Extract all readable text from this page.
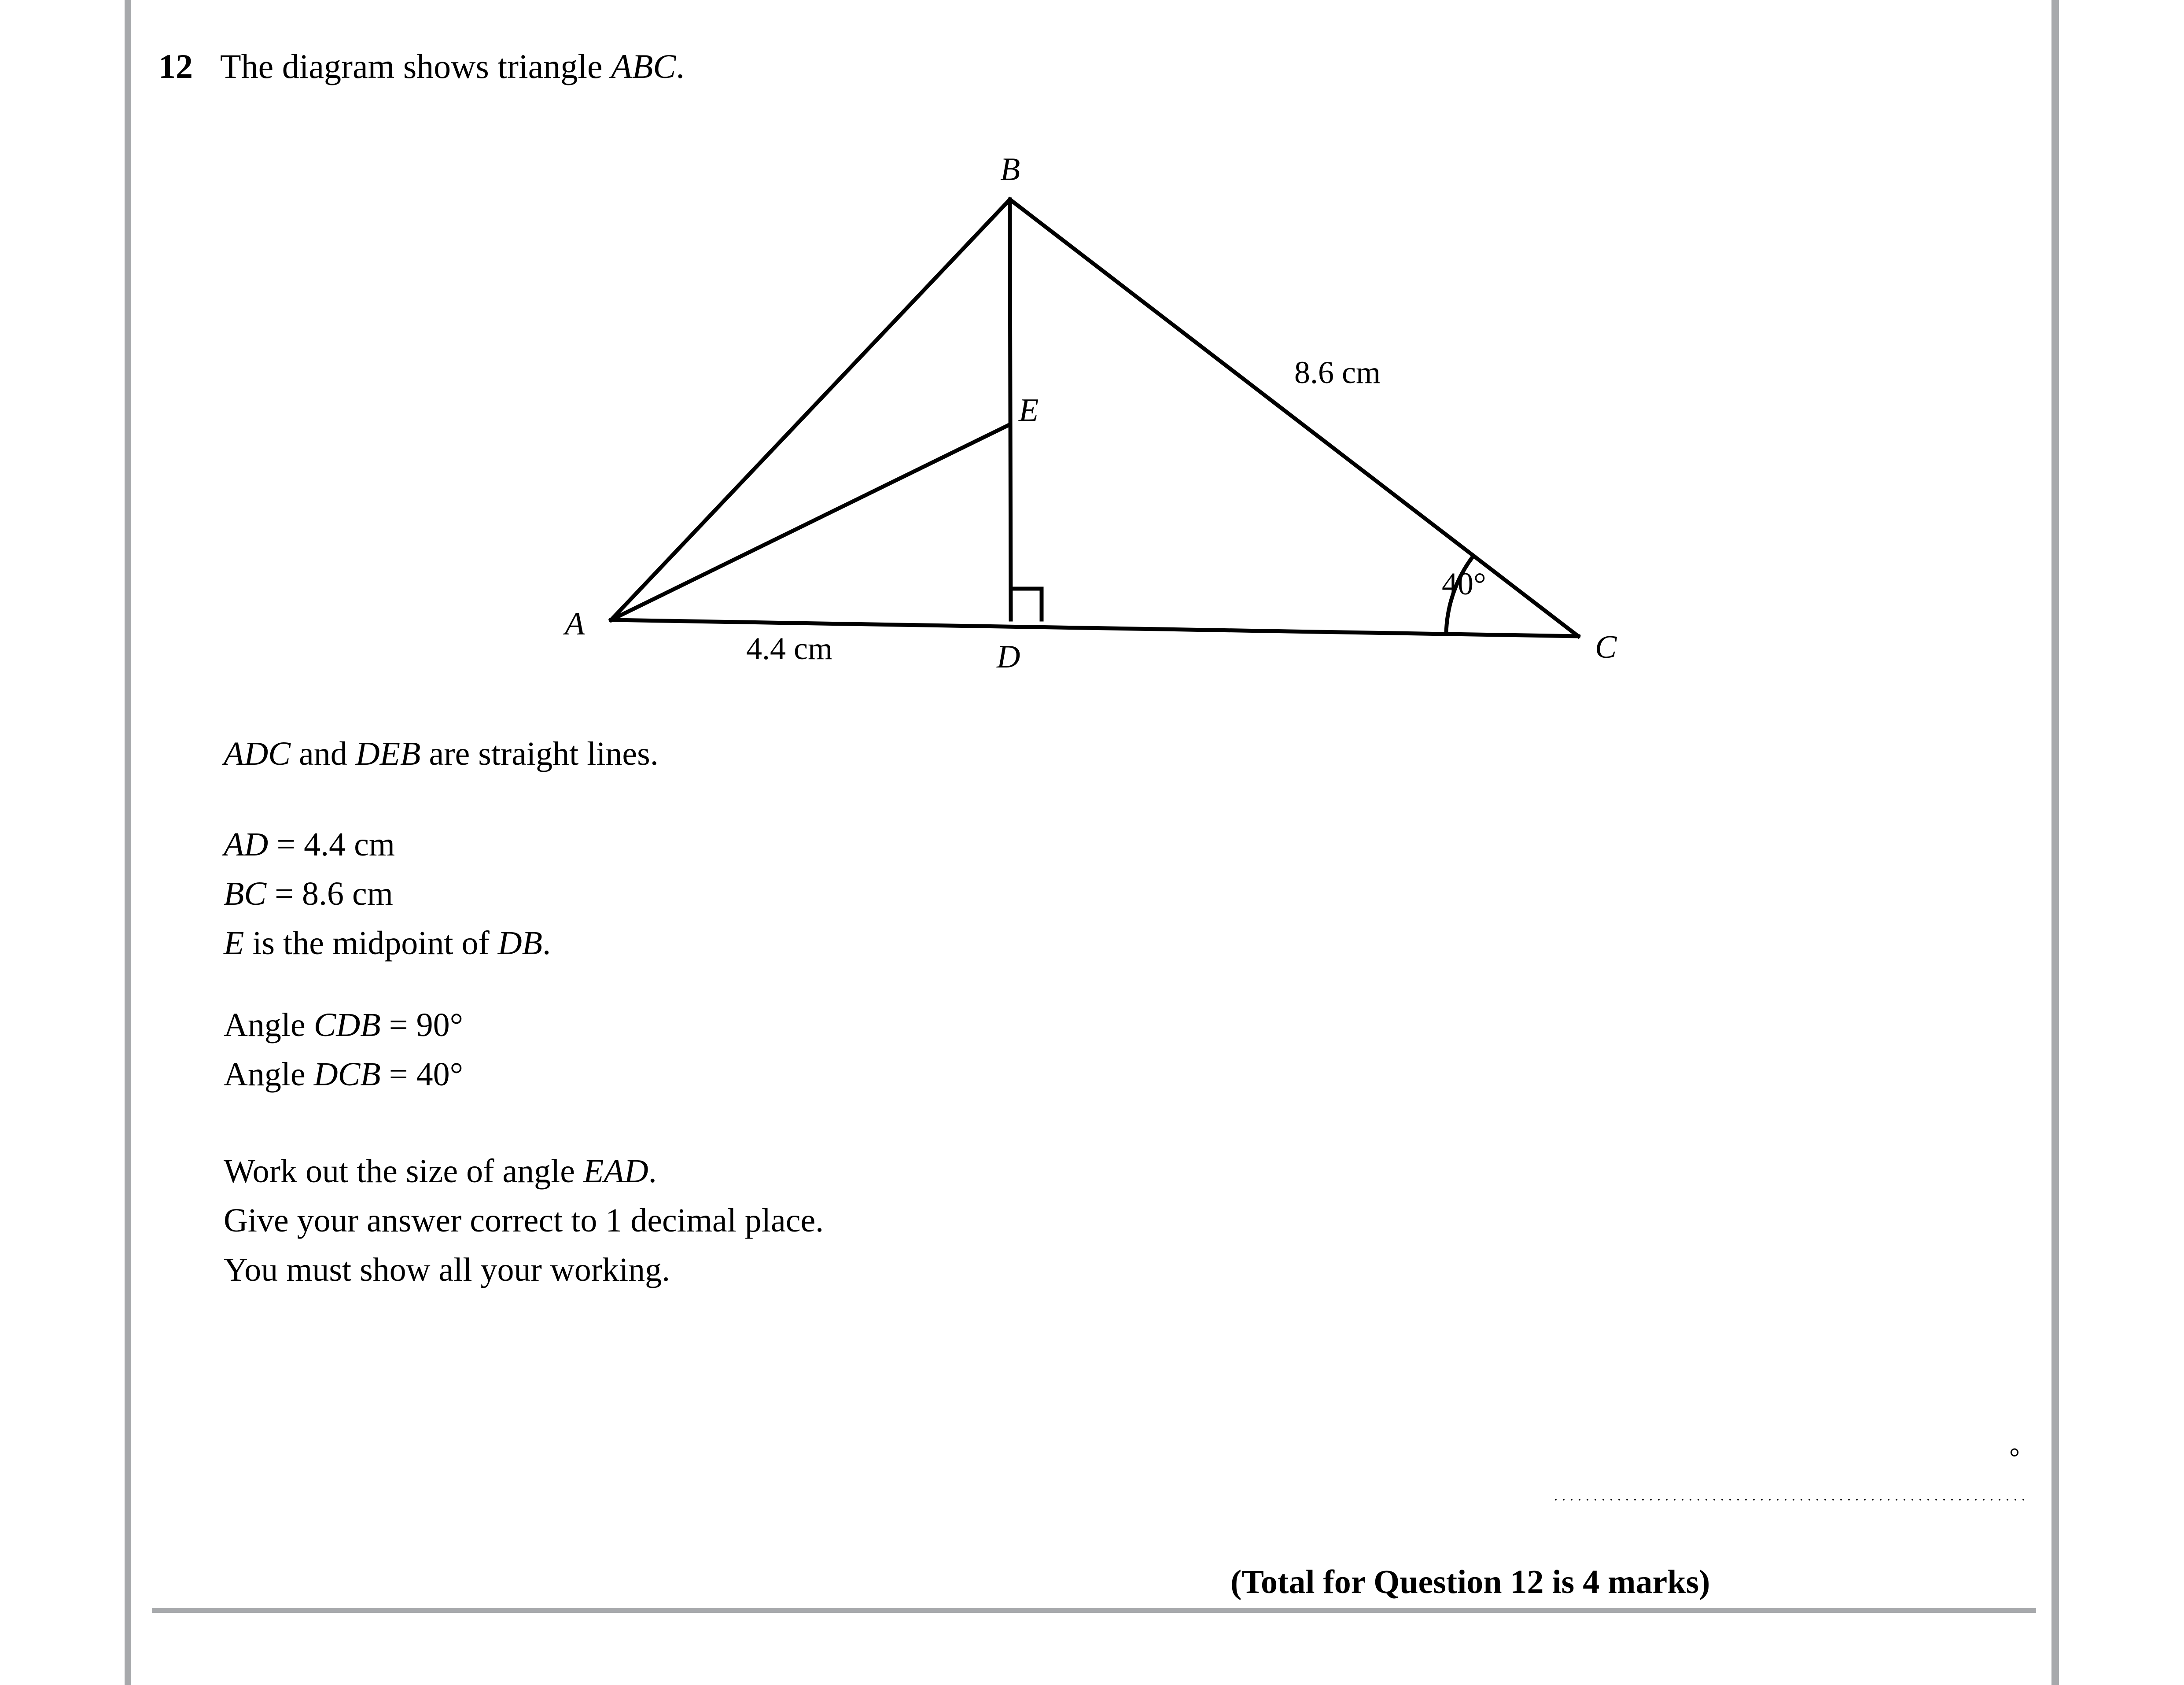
12 The diagram shows triangle ABC.
A
B
C
D
E
4.4 cm
8.6 cm
40°
ADC and DEB are straight lines.
AD = 4.4 cm
BC = 8.6 cm
E is the midpoint of DB.
Angle CDB = 90°
Angle DCB = 40°
Work out the size of angle EAD.
Give your answer correct to 1 decimal place.
You must show all your working.
°
(Total for Question 12 is 4 marks)
